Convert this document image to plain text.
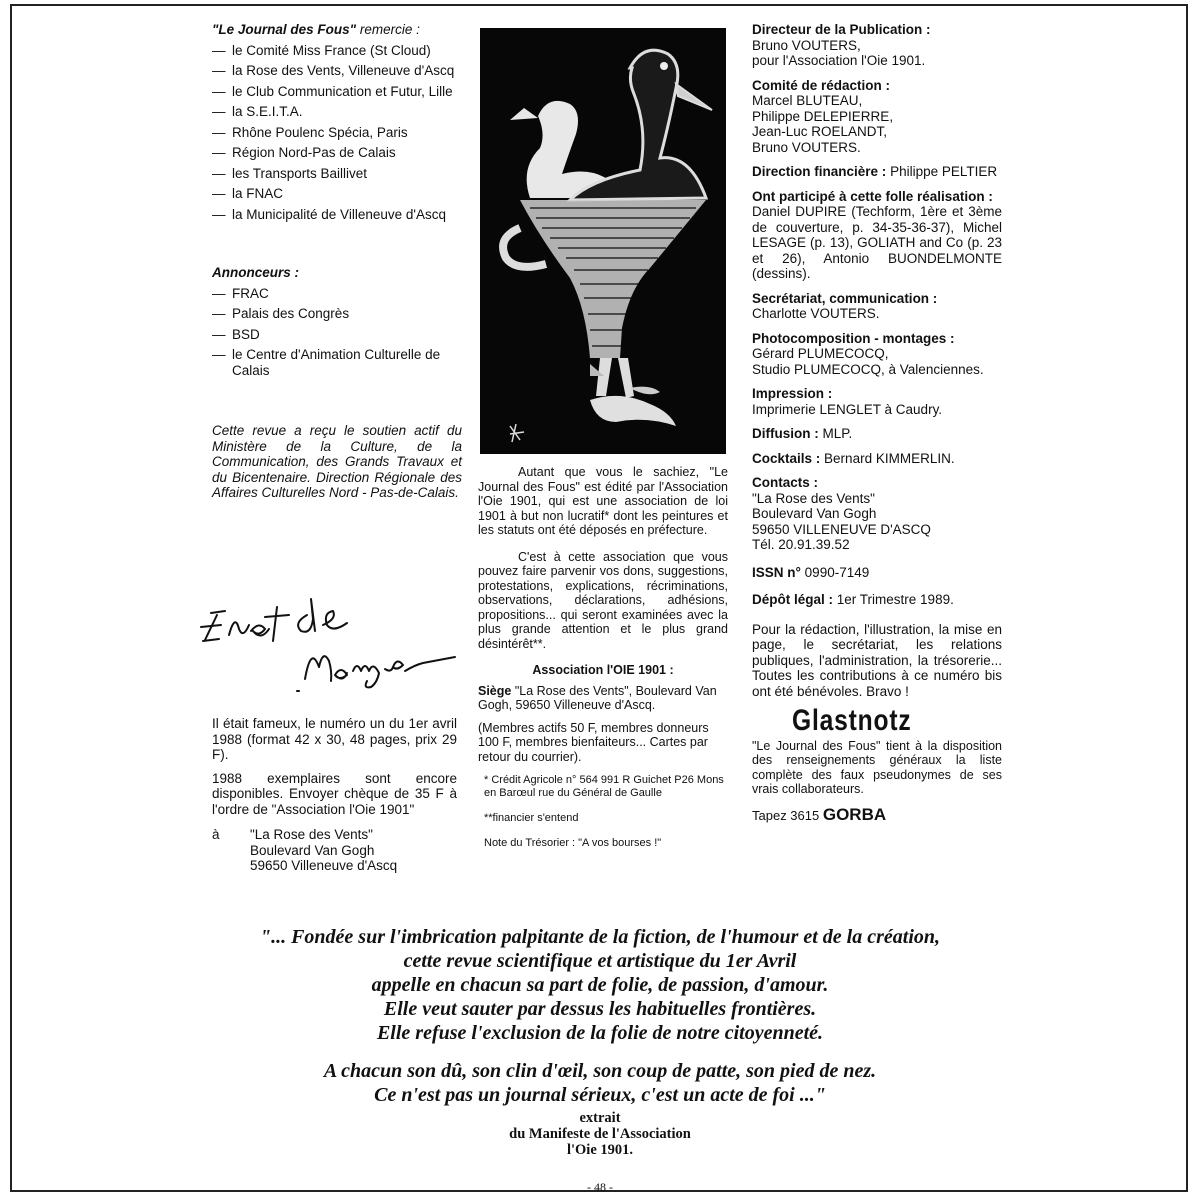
"Le Journal des Fous" remercie :
— le Comité Miss France (St Cloud)
— la Rose des Vents, Villeneuve d'Ascq
— le Club Communication et Futur, Lille
— la S.E.I.T.A.
— Rhône Poulenc Spécia, Paris
— Région Nord-Pas de Calais
— les Transports Baillivet
— la FNAC
— la Municipalité de Villeneuve d'Ascq
Annonceurs :
— FRAC
— Palais des Congrès
— BSD
— le Centre d'Animation Culturelle de Calais
Cette revue a reçu le soutien actif du Ministère de la Culture, de la Communication, des Grands Travaux et du Bicentenaire. Direction Régionale des Affaires Culturelles Nord - Pas-de-Calais.
Etat de
Manque
Il était fameux, le numéro un du 1er avril 1988 (format 42 x 30, 48 pages, prix 29 F).
1988 exemplaires sont encore disponibles. Envoyer chèque de 35 F à l'ordre de "Association l'Oie 1901"
à "La Rose des Vents"
Boulevard Van Gogh
59650 Villeneuve d'Ascq

Autant que vous le sachiez, "Le Journal des Fous" est édité par l'Association l'Oie 1901, qui est une association de loi 1901 à but non lucratif* dont les peintures et les statuts ont été déposés en préfecture.

C'est à cette association que vous pouvez faire parvenir vos dons, suggestions, protestations, explications, récriminations, observations, déclarations, adhésions, propositions... qui seront examinées avec la plus grande attention et le plus grand désintérêt**.

Association l'OIE 1901 :
Siège "La Rose des Vents", Boulevard Van Gogh, 59650 Villeneuve d'Ascq.
(Membres actifs 50 F, membres donneurs 100 F, membres bienfaiteurs... Cartes par retour du courrier).
* Crédit Agricole n° 564 991 R Guichet P26 Mons en Barœul rue du Général de Gaulle
**financier s'entend
Note du Trésorier : "A vos bourses !"
Directeur de la Publication :
Bruno VOUTERS,
pour l'Association l'Oie 1901.
Comité de rédaction :
Marcel BLUTEAU,
Philippe DELEPIERRE,
Jean-Luc ROELANDT,
Bruno VOUTERS.
Direction financière : Philippe PELTIER
Ont participé à cette folle réalisation :
Daniel DUPIRE (Techform, 1ère et 3ème de couverture, p. 34-35-36-37), Michel LESAGE (p. 13), GOLIATH and Co (p. 23 et 26), Antonio BUONDELMONTE (dessins).
Secrétariat, communication :
Charlotte VOUTERS.
Photocomposition - montages :
Gérard PLUMECOCQ,
Studio PLUMECOCQ, à Valenciennes.
Impression :
Imprimerie LENGLET à Caudry.
Diffusion : MLP.
Cocktails : Bernard KIMMERLIN.
Contacts :
"La Rose des Vents"
Boulevard Van Gogh
59650 VILLENEUVE D'ASCQ
Tél. 20.91.39.52
ISSN n° 0990-7149
Dépôt légal : 1er Trimestre 1989.
Pour la rédaction, l'illustration, la mise en page, le secrétariat, les relations publiques, l'administration, la trésorerie... Toutes les contributions à ce numéro bis ont été bénévoles. Bravo !
Glastnotz
"Le Journal des Fous" tient à la disposition des renseignements généraux la liste complète des faux pseudonymes de ses vrais collaborateurs.
Tapez 3615 GORBA
"... Fondée sur l'imbrication palpitante de la fiction, de l'humour et de la création,
cette revue scientifique et artistique du 1er Avril
appelle en chacun sa part de folie, de passion, d'amour.
Elle veut sauter par dessus les habituelles frontières.
Elle refuse l'exclusion de la folie de notre citoyenneté.
A chacun son dû, son clin d'œil, son coup de patte, son pied de nez.
Ce n'est pas un journal sérieux, c'est un acte de foi ..."
extrait
du Manifeste de l'Association
l'Oie 1901.
- 48 -
